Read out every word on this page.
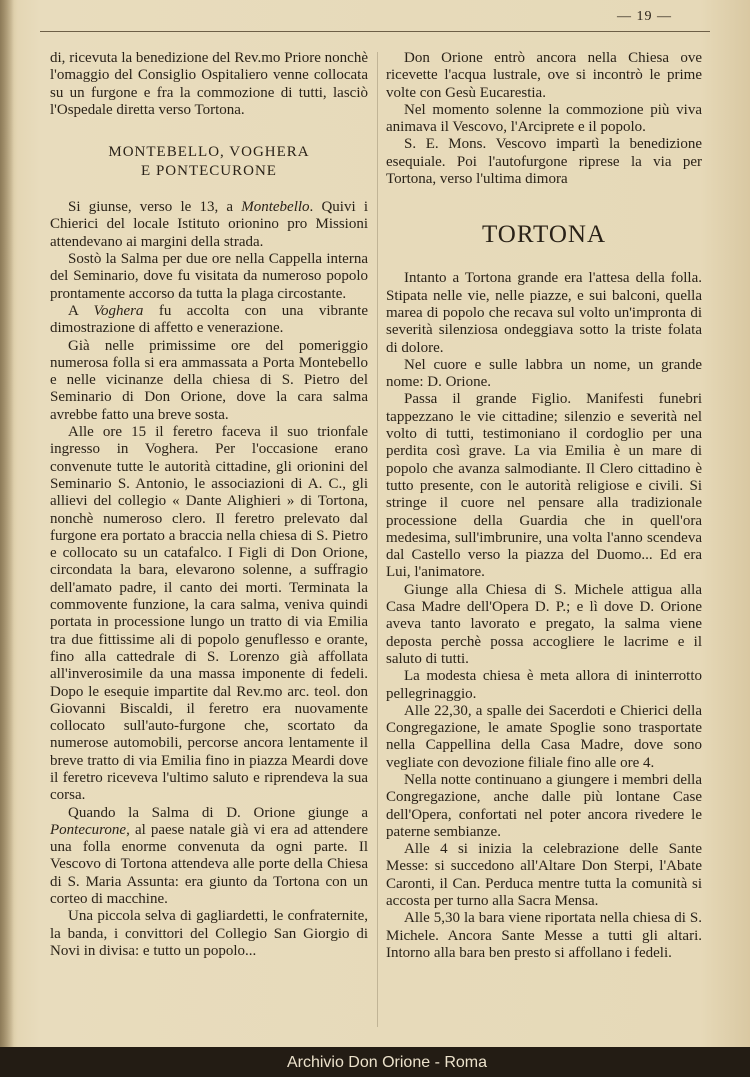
— 19 —

di, ricevuta la benedizione del Rev.mo Priore nonchè l'omaggio del Consiglio Ospitaliero venne collocata su un furgone e fra la commozione di tutti, lasciò l'Ospedale diretta verso Tortona.

MONTEBELLO, VOGHERA
E PONTECURONE

Si giunse, verso le 13, a Montebello. Quivi i Chierici del locale Istituto orionino pro Missioni attendevano ai margini della strada.

Sostò la Salma per due ore nella Cappella interna del Seminario, dove fu visitata da numeroso popolo prontamente accorso da tutta la plaga circostante.

A Voghera fu accolta con una vibrante dimostrazione di affetto e venerazione.

Già nelle primissime ore del pomeriggio numerosa folla si era ammassata a Porta Montebello e nelle vicinanze della chiesa di S. Pietro del Seminario di Don Orione, dove la cara salma avrebbe fatto una breve sosta.

Alle ore 15 il feretro faceva il suo trionfale ingresso in Voghera. Per l'occasione erano convenute tutte le autorità cittadine, gli orionini del Seminario S. Antonio, le associazioni di A. C., gli allievi del collegio « Dante Alighieri » di Tortona, nonchè numeroso clero. Il feretro prelevato dal furgone era portato a braccia nella chiesa di S. Pietro e collocato su un catafalco. I Figli di Don Orione, circondata la bara, elevarono solenne, a suffragio dell'amato padre, il canto dei morti. Terminata la commovente funzione, la cara salma, veniva quindi portata in processione lungo un tratto di via Emilia tra due fittissime ali di popolo genuflesso e orante, fino alla cattedrale di S. Lorenzo già affollata all'inverosimile da una massa imponente di fedeli. Dopo le esequie impartite dal Rev.mo arc. teol. don Giovanni Biscaldi, il feretro era nuovamente collocato sull'auto-furgone che, scortato da numerose automobili, percorse ancora lentamente il breve tratto di via Emilia fino in piazza Meardi dove il feretro riceveva l'ultimo saluto e riprendeva la sua corsa.

Quando la Salma di D. Orione giunge a Pontecurone, al paese natale già vi era ad attendere una folla enorme convenuta da ogni parte. Il Vescovo di Tortona attendeva alle porte della Chiesa di S. Maria Assunta: era giunto da Tortona con un corteo di macchine.

Una piccola selva di gagliardetti, le confraternite, la banda, i convittori del Collegio San Giorgio di Novi in divisa: e tutto un popolo...

Don Orione entrò ancora nella Chiesa ove ricevette l'acqua lustrale, ove si incontrò le prime volte con Gesù Eucarestia.

Nel momento solenne la commozione più viva animava il Vescovo, l'Arciprete e il popolo.

S. E. Mons. Vescovo impartì la benedizione esequiale. Poi l'autofurgone riprese la via per Tortona, verso l'ultima dimora

TORTONA

Intanto a Tortona grande era l'attesa della folla. Stipata nelle vie, nelle piazze, e sui balconi, quella marea di popolo che recava sul volto un'impronta di severità silenziosa ondeggiava sotto la triste folata di dolore.

Nel cuore e sulle labbra un nome, un grande nome: D. Orione.

Passa il grande Figlio. Manifesti funebri tappezzano le vie cittadine; silenzio e severità nel volto di tutti, testimoniano il cordoglio per una perdita così grave. La via Emilia è un mare di popolo che avanza salmodiante. Il Clero cittadino è tutto presente, con le autorità religiose e civili. Si stringe il cuore nel pensare alla tradizionale processione della Guardia che in quell'ora medesima, sull'imbrunire, una volta l'anno scendeva dal Castello verso la piazza del Duomo... Ed era Lui, l'animatore.

Giunge alla Chiesa di S. Michele attigua alla Casa Madre dell'Opera D. P.; e lì dove D. Orione aveva tanto lavorato e pregato, la salma viene deposta perchè possa accogliere le lacrime e il saluto di tutti.

La modesta chiesa è meta allora di ininterrotto pellegrinaggio.

Alle 22,30, a spalle dei Sacerdoti e Chierici della Congregazione, le amate Spoglie sono trasportate nella Cappellina della Casa Madre, dove sono vegliate con devozione filiale fino alle ore 4.

Nella notte continuano a giungere i membri della Congregazione, anche dalle più lontane Case dell'Opera, confortati nel poter ancora rivedere le paterne sembianze.

Alle 4 si inizia la celebrazione delle Sante Messe: si succedono all'Altare Don Sterpi, l'Abate Caronti, il Can. Perduca mentre tutta la comunità si accosta per turno alla Sacra Mensa.

Alle 5,30 la bara viene riportata nella chiesa di S. Michele. Ancora Sante Messe a tutti gli altari. Intorno alla bara ben presto si affollano i fedeli.

Archivio Don Orione - Roma
